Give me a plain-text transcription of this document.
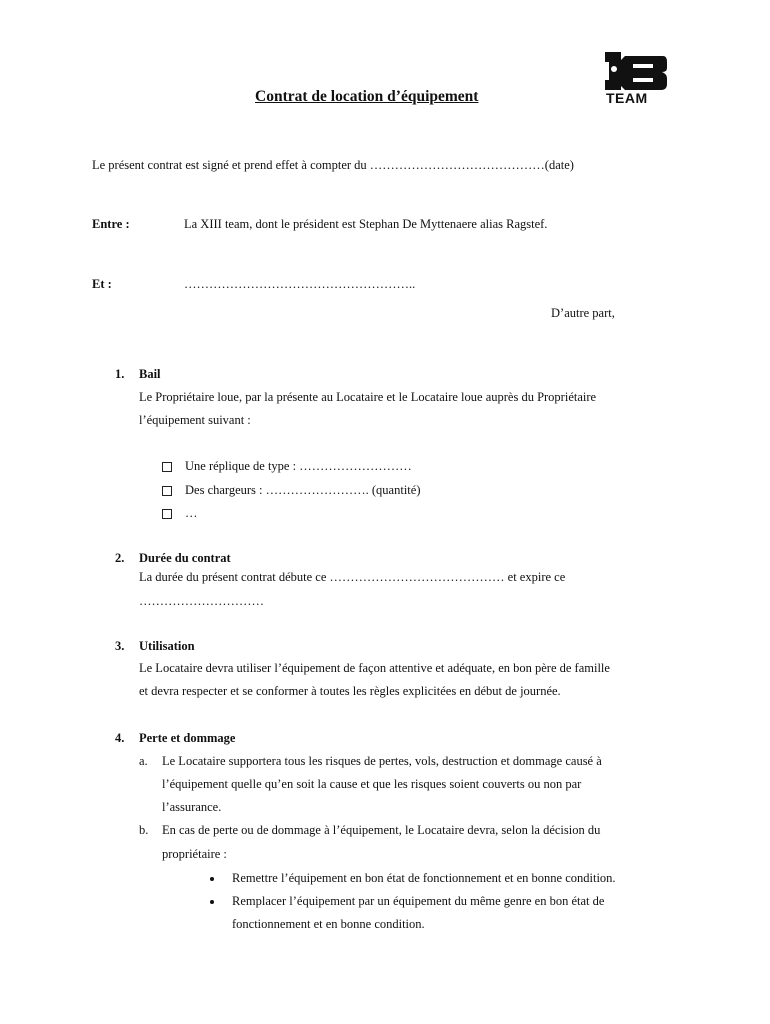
TEAM
Contrat de location d’équipement
Le présent contrat est signé et prend effet à compter du ……………………………………(date)
Entre :	La XIII team, dont le président est Stephan De Myttenaere alias Ragstef.
Et :	………………………………………………..
D’autre part,
1. Bail
Le Propriétaire loue, par la présente au Locataire et le Locataire loue auprès du Propriétaire
l’équipement suivant :
Une réplique de type : ………………………
Des chargeurs : ……………………. (quantité)
…
2. Durée du contrat
La durée du présent contrat débute ce …………………………………… et expire ce
…………………………
3. Utilisation
Le Locataire devra utiliser l’équipement de façon attentive et adéquate, en bon père de famille
et devra respecter et se conformer à toutes les règles explicitées en début de journée.
4. Perte et dommage
a. Le Locataire supportera tous les risques de pertes, vols, destruction et dommage causé à
l’équipement quelle qu’en soit la cause et que les risques soient couverts ou non par
l’assurance.
b. En cas de perte ou de dommage à l’équipement, le Locataire devra, selon la décision du
propriétaire :
Remettre l’équipement en bon état de fonctionnement et en bonne condition.
Remplacer l’équipement par un équipement du même genre en bon état de
fonctionnement et en bonne condition.
